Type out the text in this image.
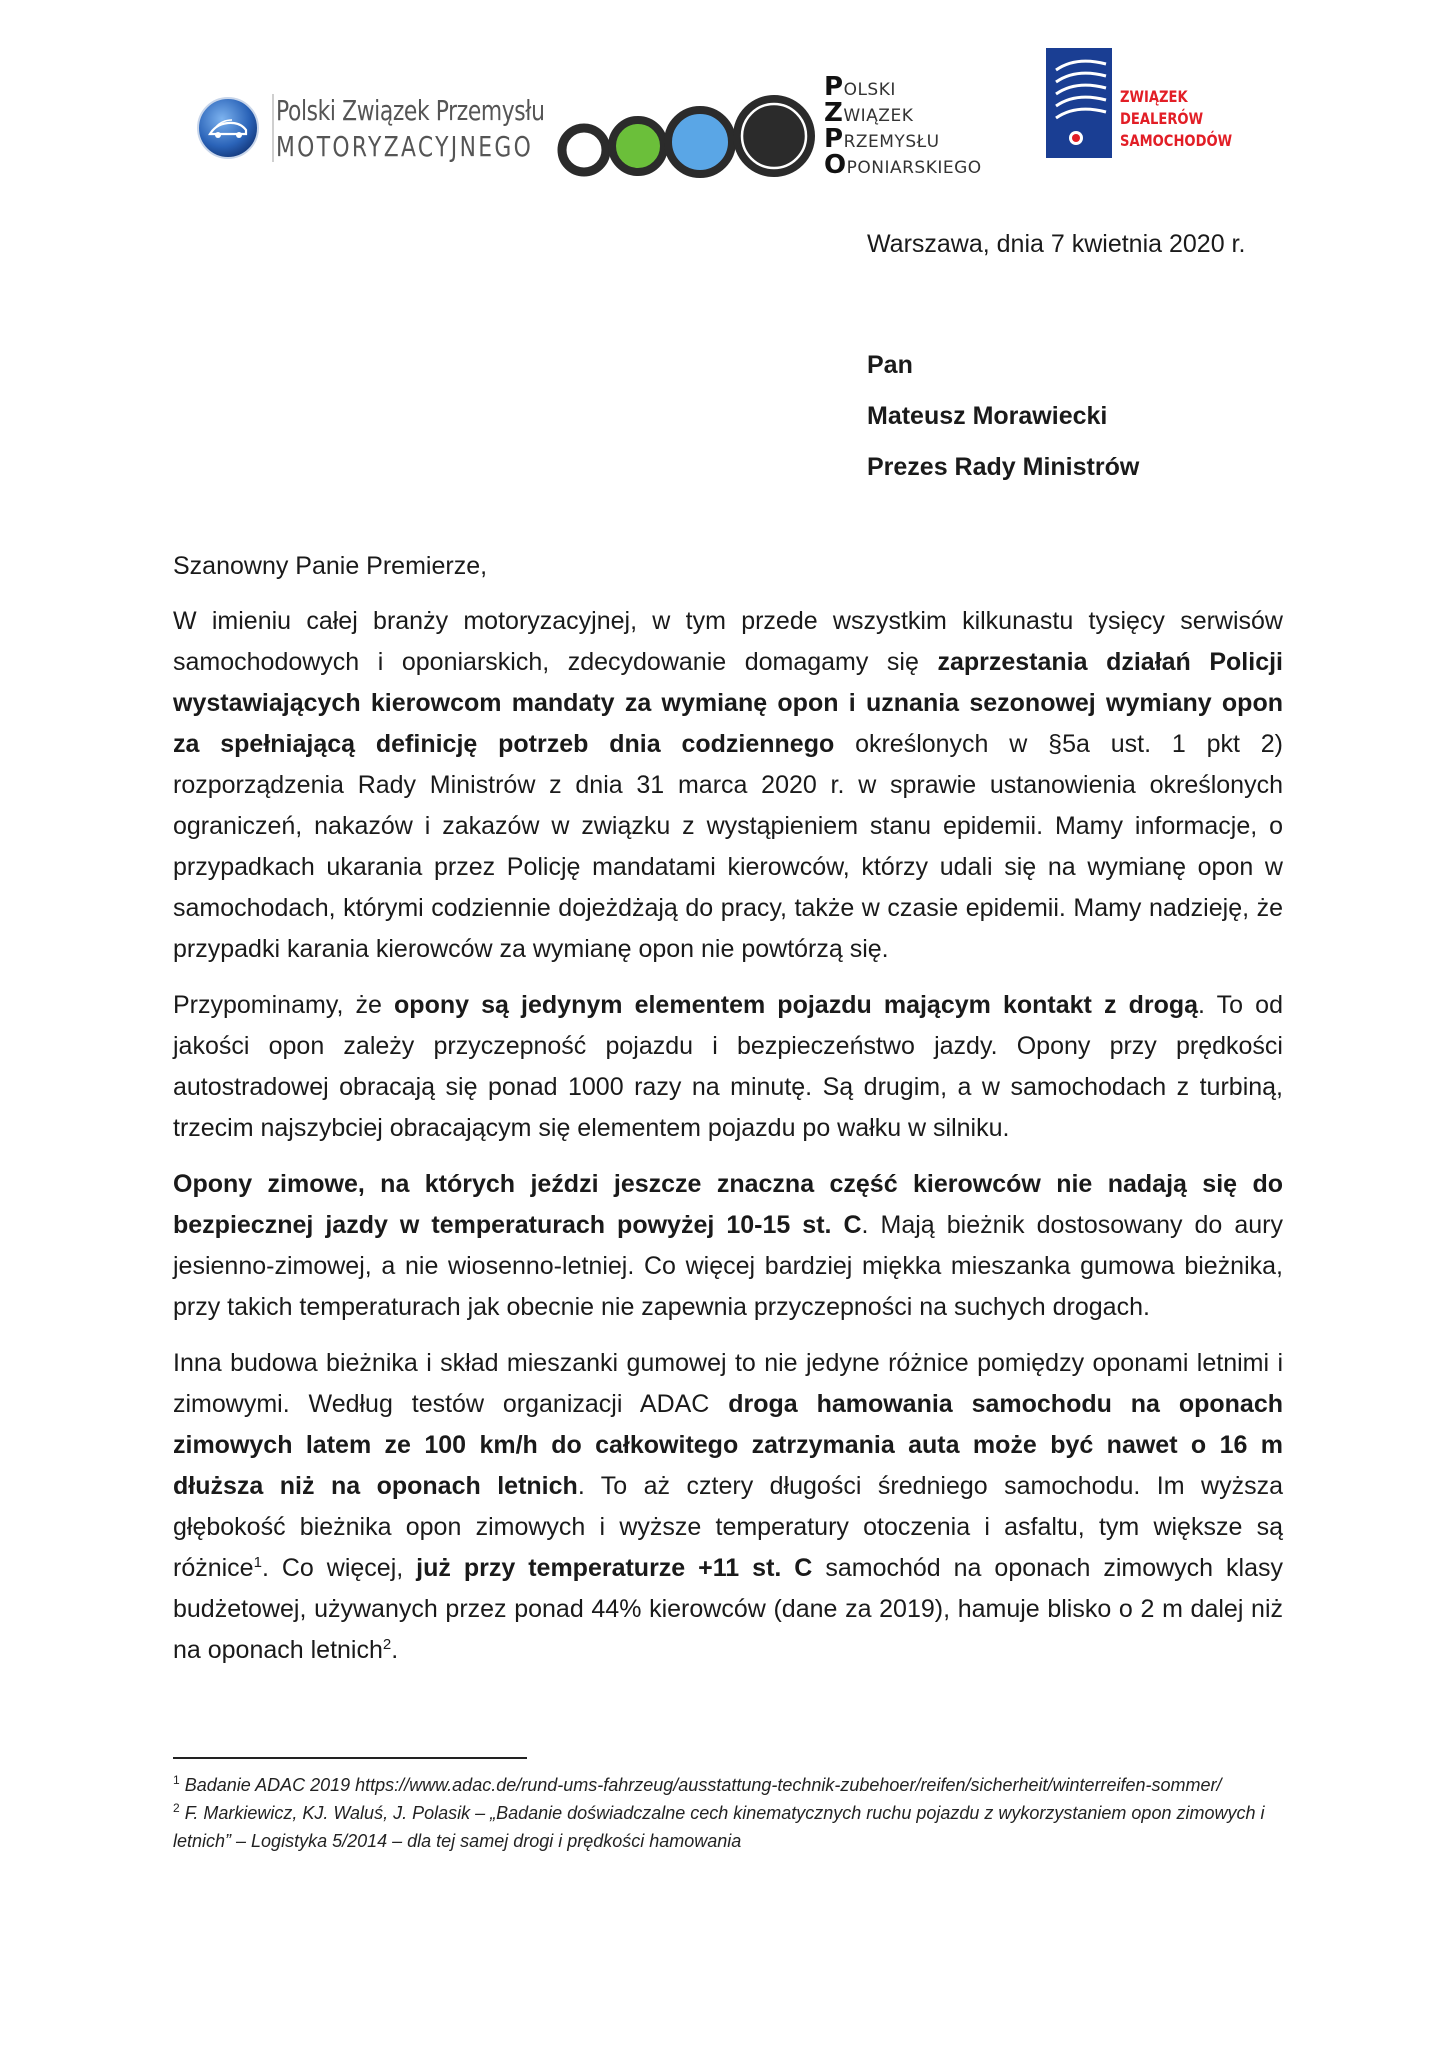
Polski Związek Przemysłu
MOTORYZACYJNEGO
POLSKI
ZWIĄZEK
PRZEMYSŁU
OPONIARSKIEGO
ZWIĄZEK
DEALERÓW
SAMOCHODÓW
Warszawa, dnia 7 kwietnia 2020 r.
Pan
Mateusz Morawiecki
Prezes Rady Ministrów
Szanowny Panie Premierze,

W imieniu całej branży motoryzacyjnej, w tym przede wszystkim kilkunastu tysięcy serwisów samochodowych i oponiarskich, zdecydowanie domagamy się zaprzestania działań Policji wystawiających kierowcom mandaty za wymianę opon i uznania sezonowej wymiany opon za spełniającą definicję potrzeb dnia codziennego określonych w §5a ust. 1 pkt 2) rozporządzenia Rady Ministrów z dnia 31 marca 2020 r. w sprawie ustanowienia określonych ograniczeń, nakazów i zakazów w związku z wystąpieniem stanu epidemii. Mamy informacje, o przypadkach ukarania przez Policję mandatami kierowców, którzy udali się na wymianę opon w samochodach, którymi codziennie dojeżdżają do pracy, także w czasie epidemii. Mamy nadzieję, że przypadki karania kierowców za wymianę opon nie powtórzą się.

Przypominamy, że opony są jedynym elementem pojazdu mającym kontakt z drogą. To od jakości opon zależy przyczepność pojazdu i bezpieczeństwo jazdy. Opony przy prędkości autostradowej obracają się ponad 1000 razy na minutę. Są drugim, a w samochodach z turbiną, trzecim najszybciej obracającym się elementem pojazdu po wałku w silniku.

Opony zimowe, na których jeździ jeszcze znaczna część kierowców nie nadają się do bezpiecznej jazdy w temperaturach powyżej 10-15 st. C. Mają bieżnik dostosowany do aury jesienno-zimowej, a nie wiosenno-letniej. Co więcej bardziej miękka mieszanka gumowa bieżnika, przy takich temperaturach jak obecnie nie zapewnia przyczepności na suchych drogach.

Inna budowa bieżnika i skład mieszanki gumowej to nie jedyne różnice pomiędzy oponami letnimi i zimowymi. Według testów organizacji ADAC droga hamowania samochodu na oponach zimowych latem ze 100 km/h do całkowitego zatrzymania auta może być nawet o 16 m dłuższa niż na oponach letnich. To aż cztery długości średniego samochodu. Im wyższa głębokość bieżnika opon zimowych i wyższe temperatury otoczenia i asfaltu, tym większe są różnice$^1$. Co więcej, już przy temperaturze +11 st. C samochód na oponach zimowych klasy budżetowej, używanych przez ponad 44% kierowców (dane za 2019), hamuje blisko o 2 m dalej niż na oponach letnich$^2$.

$^1$ Badanie ADAC 2019 https://www.adac.de/rund-ums-fahrzeug/ausstattung-technik-zubehoer/reifen/sicherheit/winterreifen-sommer/

$^2$ F. Markiewicz, KJ. Waluś, J. Polasik – „Badanie doświadczalne cech kinematycznych ruchu pojazdu z wykorzystaniem opon zimowych i letnich” – Logistyka 5/2014 – dla tej samej drogi i prędkości hamowania
